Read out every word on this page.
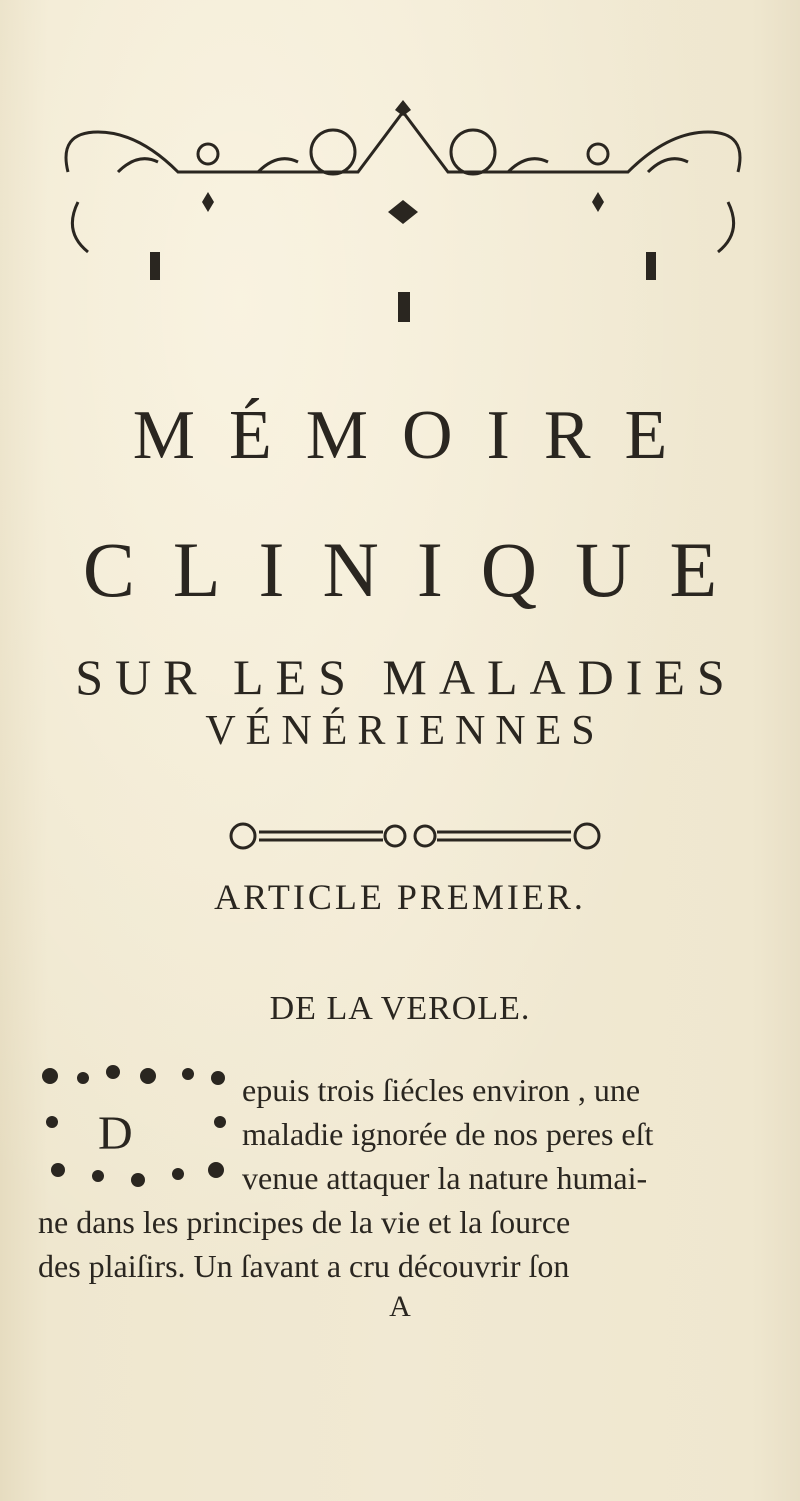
MÉMOIRE
CLINIQUE
SUR LES MALADIES
VÉNÉRIENNES
ARTICLE PREMIER.
DE LA VEROLE.
D
epuis trois ſiécles environ , une
maladie ignorée de nos peres eſt
venue attaquer la nature humai-
ne dans les principes de la vie et la ſource
des plaiſirs. Un ſavant a cru découvrir ſon
A
